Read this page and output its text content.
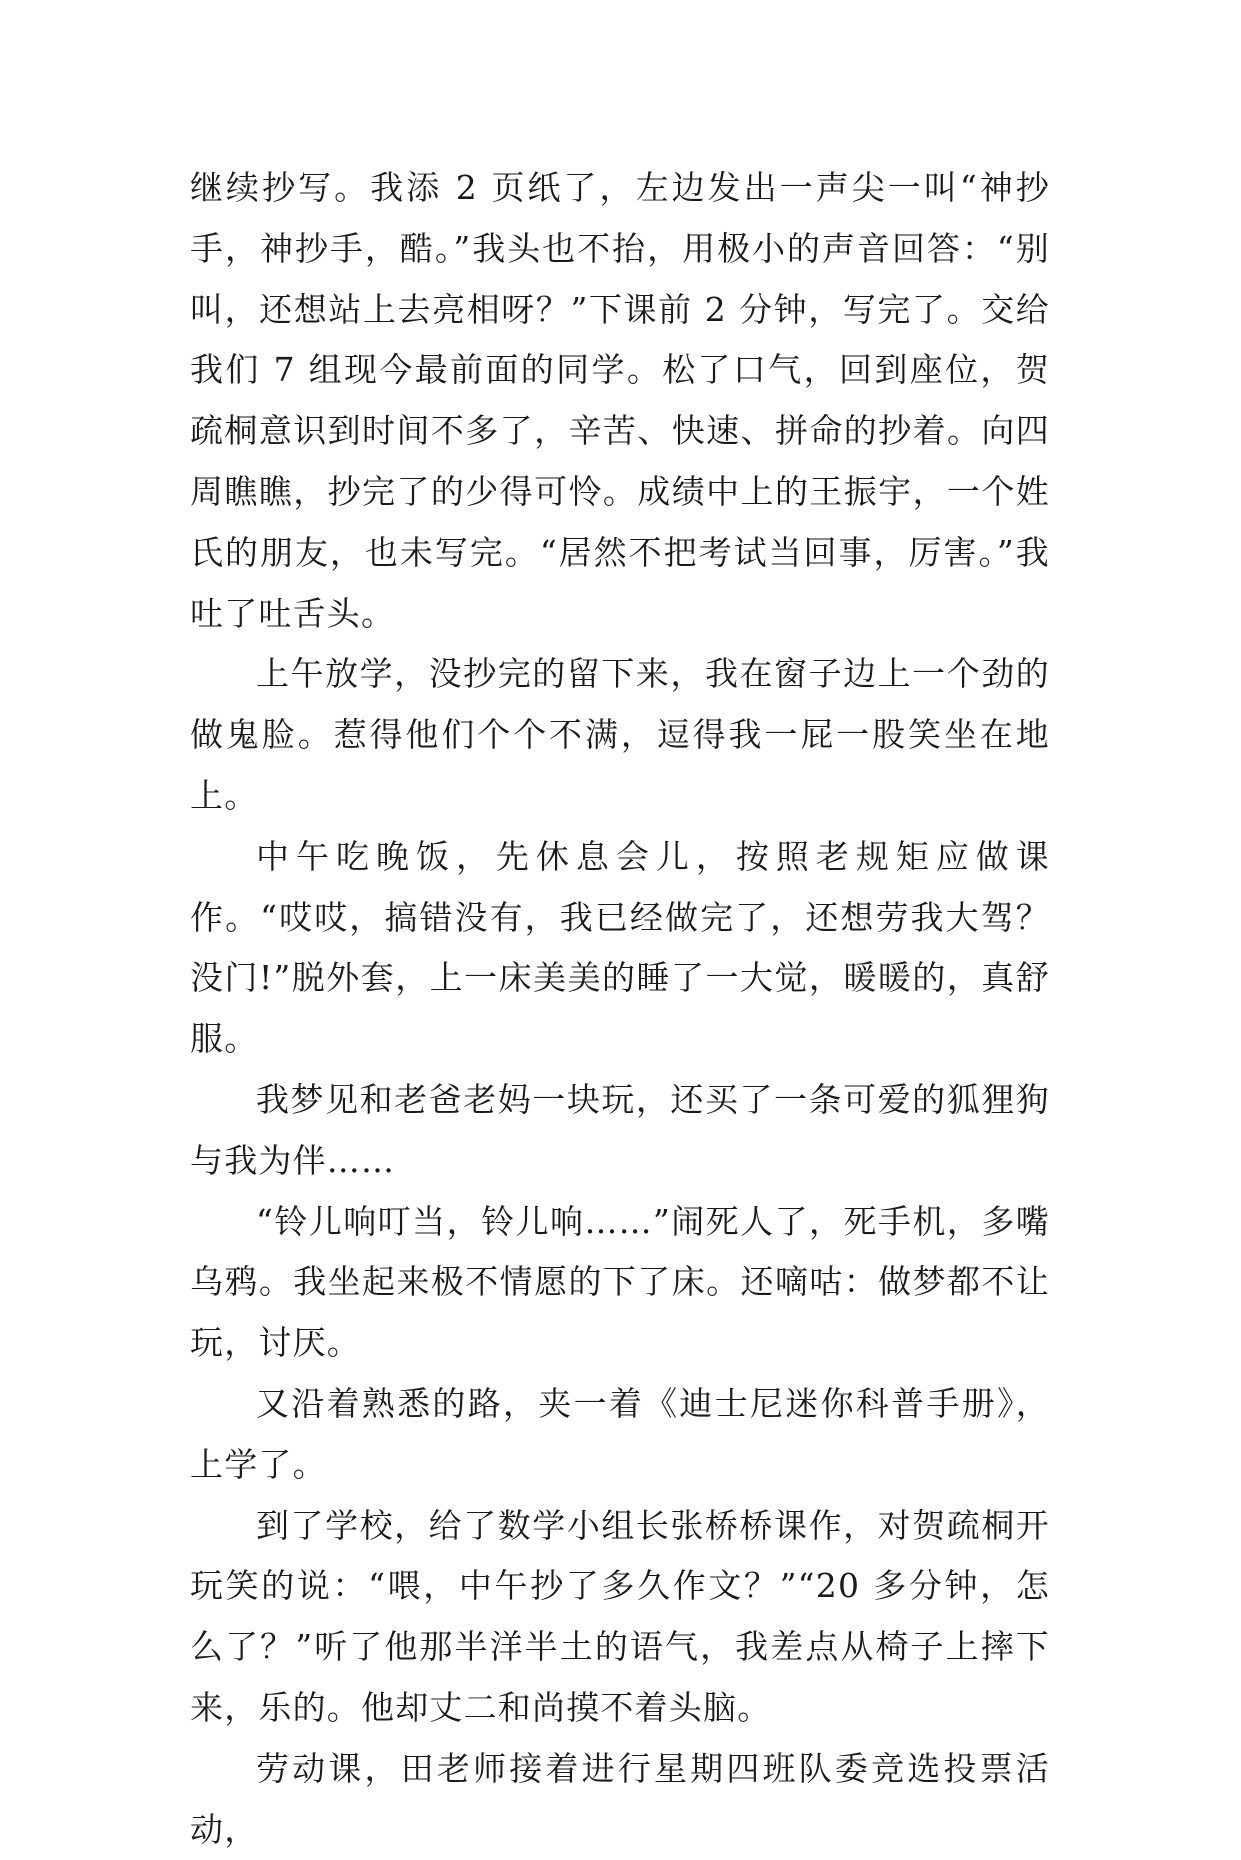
继续抄写。我添 2 页纸了，左边发出一声尖一叫“神抄手，神抄手，酷。”我头也不抬，用极小的声音回答：“别叫，还想站上去亮相呀？”下课前 2 分钟，写完了。交给我们 7 组现今最前面的同学。松了口气，回到座位，贺疏桐意识到时间不多了，辛苦、快速、拼命的抄着。向四周瞧瞧，抄完了的少得可怜。成绩中上的王振宇，一个姓氏的朋友，也未写完。“居然不把考试当回事，厉害。”我吐了吐舌头。

上午放学，没抄完的留下来，我在窗子边上一个劲的做鬼脸。惹得他们个个不满，逗得我一屁一股笑坐在地上。

中午吃晚饭，先休息会儿，按照老规矩应做课作。“哎哎，搞错没有，我已经做完了，还想劳我大驾？没门!”脱外套，上一床美美的睡了一大觉，暖暖的，真舒服。

我梦见和老爸老妈一块玩，还买了一条可爱的狐狸狗与我为伴……

“铃儿响叮当，铃儿响……”闹死人了，死手机，多嘴乌鸦。我坐起来极不情愿的下了床。还嘀咕：做梦都不让玩，讨厌。

又沿着熟悉的路，夹一着《迪士尼迷你科普手册》，上学了。

到了学校，给了数学小组长张桥桥课作，对贺疏桐开玩笑的说：“喂，中午抄了多久作文？”“20 多分钟，怎么了？”听了他那半洋半土的语气，我差点从椅子上摔下来，乐的。他却丈二和尚摸不着头脑。

劳动课，田老师接着进行星期四班队委竞选投票活动，
